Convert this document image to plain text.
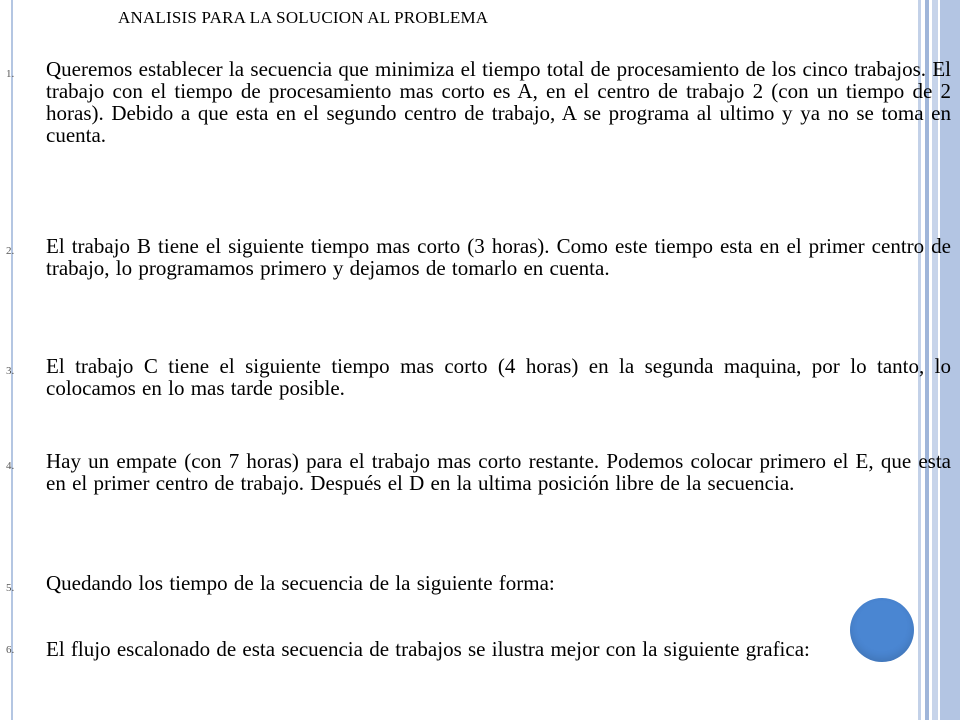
ANALISIS PARA LA SOLUCION AL PROBLEMA
1. Queremos establecer la secuencia que minimiza el tiempo total de procesamiento de los cinco trabajos. El trabajo con el tiempo de procesamiento mas corto es A, en el centro de trabajo 2 (con un tiempo de 2 horas). Debido a que esta en el segundo centro de trabajo, A se programa al ultimo y ya no se toma en cuenta.
2. El trabajo B tiene el siguiente tiempo mas corto (3 horas). Como este tiempo esta en el primer centro de trabajo, lo programamos primero y dejamos de tomarlo en cuenta.
3. El trabajo C tiene el siguiente tiempo mas corto (4 horas) en la segunda maquina, por lo tanto, lo colocamos en lo mas tarde posible.
4. Hay un empate (con 7 horas) para el trabajo mas corto restante. Podemos colocar primero el E, que esta en el primer centro de trabajo. Después el D en la ultima posición libre de la secuencia.
5. Quedando los tiempo de la secuencia de la siguiente forma:
6. El flujo escalonado de esta secuencia de trabajos se ilustra mejor con la siguiente grafica:
